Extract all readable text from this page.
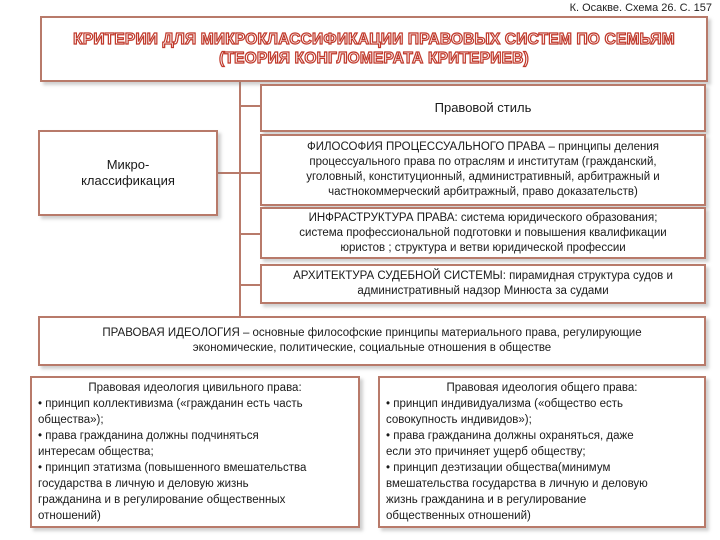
К. Осакве. Схема 26. С. 157
КРИТЕРИИ ДЛЯ МИКРОКЛАССИФИКАЦИИ ПРАВОВЫХ СИСТЕМ ПО СЕМЬЯМ
(ТЕОРИЯ КОНГЛОМЕРАТА КРИТЕРИЕВ)
Микро-
классификация
Правовой стиль
ФИЛОСОФИЯ ПРОЦЕССУАЛЬНОГО ПРАВА – принципы деления
процессуального права по отраслям и институтам (гражданский,
уголовный, конституционный, административный, арбитражный и
частнокоммерческий арбитражный, право доказательств)
ИНФРАСТРУКТУРА ПРАВА: система юридического образования;
система профессиональной подготовки и повышения квалификации
юристов ; структура и ветви юридической профессии
АРХИТЕКТУРА СУДЕБНОЙ СИСТЕМЫ: пирамидная структура судов и
административный надзор Минюста за судами
ПРАВОВАЯ ИДЕОЛОГИЯ – основные философские принципы материального права, регулирующие
экономические, политические, социальные отношения в обществе
Правовая идеология цивильного права:
• принцип коллективизма («гражданин есть часть
общества»);
• права гражданина должны подчиняться
интересам общества;
• принцип этатизма (повышенного вмешательства
государства в личную и деловую жизнь
гражданина и в регулирование общественных
отношений)
Правовая идеология общего права:
• принцип индивидуализма («общество есть
совокупность индивидов»);
• права гражданина должны охраняться, даже
если это причиняет ущерб обществу;
• принцип деэтизации общества(минимум
вмешательства государства в личную и деловую
жизнь гражданина и в регулирование
общественных отношений)
